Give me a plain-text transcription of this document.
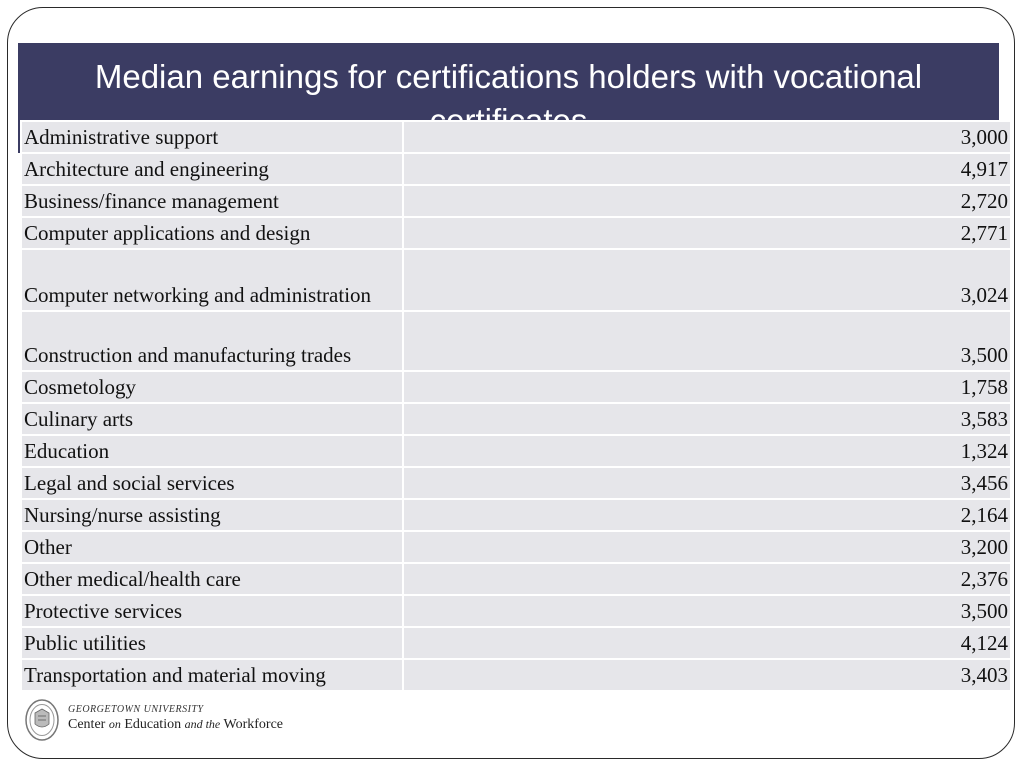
Median earnings for certifications holders with vocational
Administrative support	3,000
Architecture and engineering	4,917
Business/finance management	2,720
Computer applications and design	2,771
Computer networking and administration	3,024
Construction and manufacturing trades	3,500
Cosmetology	1,758
Culinary arts	3,583
Education	1,324
Legal and social services	3,456
Nursing/nurse assisting	2,164
Other	3,200
Other medical/health care	2,376
Protective services	3,500
Public utilities	4,124
Transportation and material moving	3,403
GEORGETOWN UNIVERSITY
Center on Education and the Workforce
